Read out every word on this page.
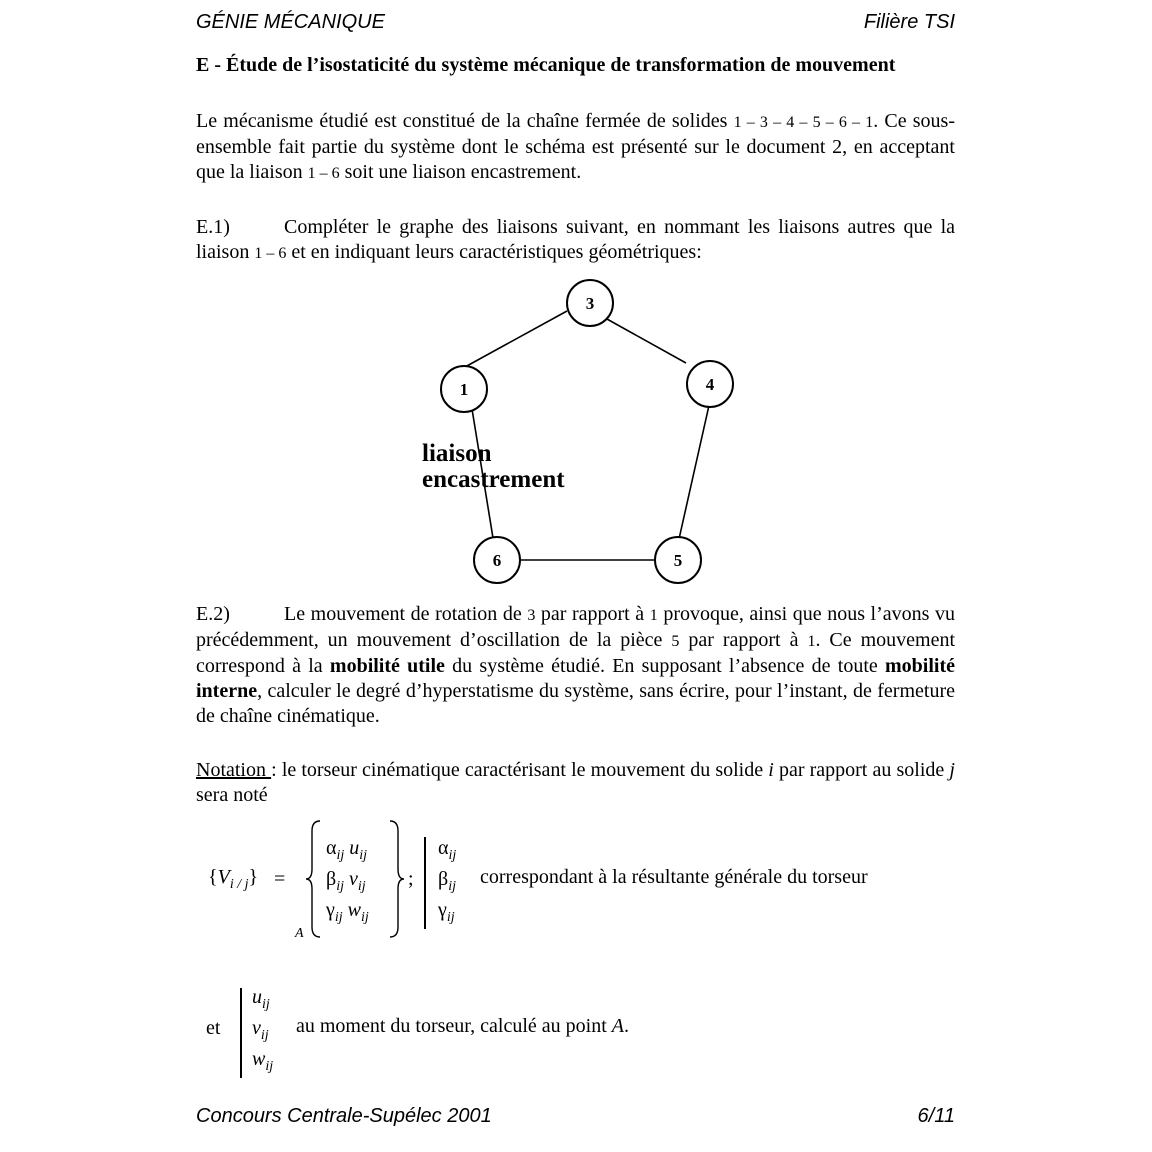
GÉNIE MÉCANIQUE	Filière TSI

E - Étude de l’isostaticité du système mécanique de transformation de mouvement

Le mécanisme étudié est constitué de la chaîne fermée de solides 1 – 3 – 4 – 5 – 6 – 1. Ce sous-ensemble fait partie du système dont le schéma est présenté sur le document 2, en acceptant que la liaison 1 – 6 soit une liaison encastrement.

E.1)	Compléter le graphe des liaisons suivant, en nommant les liaisons autres que la liaison 1 – 6 et en indiquant leurs caractéristiques géométriques:

3
4
5
6
1
liaison
encastrement

E.2)	Le mouvement de rotation de 3 par rapport à 1 provoque, ainsi que nous l’avons vu précédemment, un mouvement d’oscillation de la pièce 5 par rapport à 1. Ce mouvement correspond à la mobilité utile du système étudié. En supposant l’absence de toute mobilité interne, calculer le degré d’hyperstatisme du système, sans écrire, pour l’instant, de fermeture de chaîne cinématique.

Notation : le torseur cinématique caractérisant le mouvement du solide i par rapport au solide j sera noté

$\{V_{i / j}\}$ =
A
$\alpha_{ij}$ $u_{ij}$
$\beta_{ij}$ $v_{ij}$
$\gamma_{ij}$ $w_{ij}$
;
$\alpha_{ij}$
$\beta_{ij}$
$\gamma_{ij}$
correspondant à la résultante générale du torseur
et
$u_{ij}$
$v_{ij}$
$w_{ij}$
au moment du torseur, calculé au point A.
Concours Centrale-Supélec 2001	6/11
